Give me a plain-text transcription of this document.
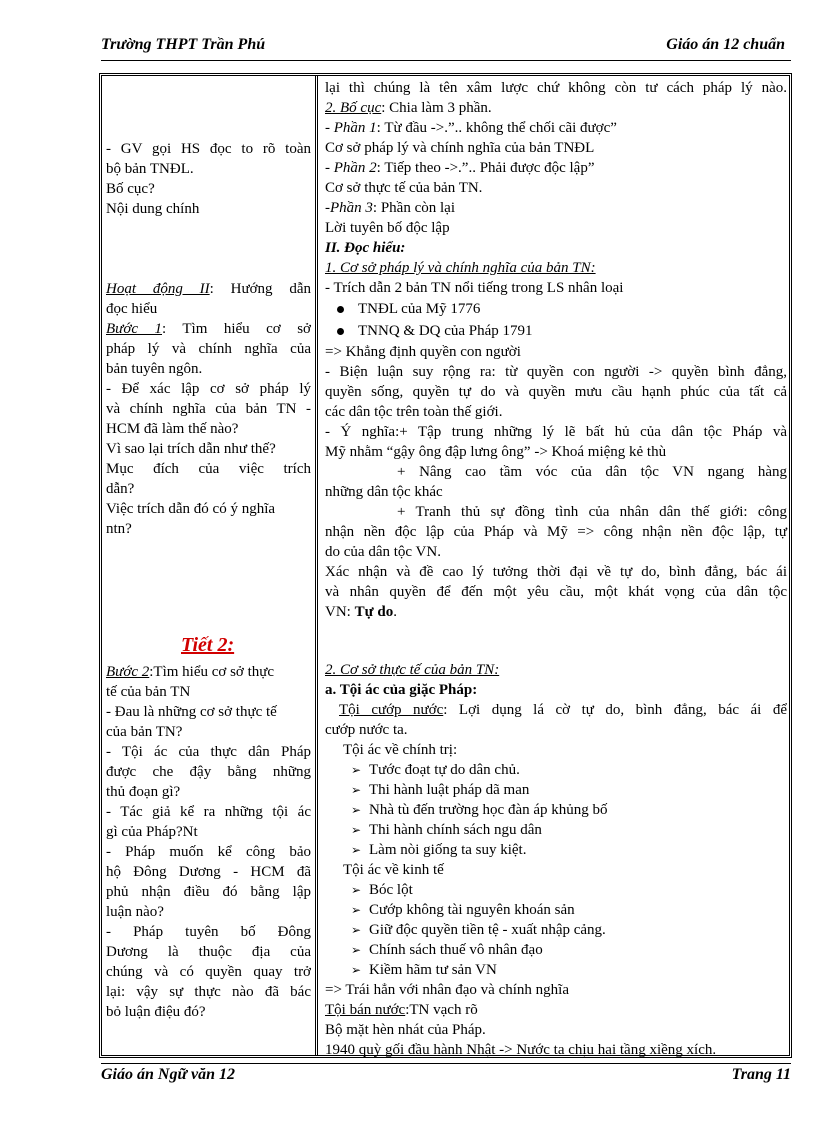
Trường THPT Trần Phú	Giáo án 12 chuẩn
- GV gọi HS đọc to rõ toàn
bộ bản TNĐL.
Bố cục?
Nội dung chính
Hoạt động II: Hướng dẫn
đọc hiểu
Bước 1: Tìm hiểu cơ sở
pháp lý và chính nghĩa của
bản tuyên ngôn.
- Để xác lập cơ sở pháp lý
và chính nghĩa của bản TN -
HCM đã làm thế nào?
Vì sao lại trích dẫn như thế?
Mục đích của việc trích
dẫn?
Việc trích dẫn đó có ý nghĩa
ntn?
Tiết 2:
Bước 2:Tìm hiểu cơ sở thực
tế của bản TN
- Đau là những cơ sở thực tế
của bản TN?
- Tội ác của thực dân Pháp
được che đậy bằng những
thủ đoạn gì?
- Tác giả kể ra những tội ác
gì của Pháp?Nt
- Pháp muốn kể công bảo
hộ Đông Dương - HCM đã
phủ nhận điều đó bằng lập
luận nào?
- Pháp tuyên bố Đông
Dương là thuộc địa của
chúng và có quyền quay trở
lại: vậy sự thực nào đã bác
bỏ luận điệu đó?
lại thì chúng là tên xâm lược chứ không còn tư cách pháp lý nào.
2. Bố cục: Chia làm 3 phần.
- Phần 1: Từ đầu ->.”.. không thể chối cãi được”
Cơ sở pháp lý và chính nghĩa của bản TNĐL
- Phần 2: Tiếp theo ->.”.. Phải được độc lập”
Cơ sở thực tế của bản TN.
-Phần 3: Phần còn lại
Lời tuyên bố độc lập
II. Đọc hiểu:
1. Cơ sở pháp lý và chính nghĩa của bản TN:
- Trích dẫn 2 bản TN nổi tiếng trong LS nhân loại
TNĐL của Mỹ 1776
TNNQ & DQ của Pháp 1791
=> Khẳng định quyền con người
- Biện luận suy rộng ra: từ quyền con người -> quyền bình đẳng,
quyền sống, quyền tự do và quyền mưu cầu hạnh phúc của tất cả
các dân tộc trên toàn thế giới.
- Ý nghĩa:+ Tập trung những lý lẽ bất hủ của dân tộc Pháp và
Mỹ nhằm “gậy ông đập lưng ông” -> Khoá miệng kẻ thù
+ Nâng cao tầm vóc của dân tộc VN ngang hàng
những dân tộc khác
+ Tranh thủ sự đồng tình của nhân dân thế giới: công
nhận nền độc lập của Pháp và Mỹ => công nhận nền độc lập, tự
do của dân tộc VN.
Xác nhận và đề cao lý tưởng thời đại về tự do, bình đẳng, bác ái
và nhân quyền để đến một yêu cầu, một khát vọng của dân tộc
VN: Tự do.
2. Cơ sở thực tế của bản TN:
a. Tội ác của giặc Pháp:
Tội cướp nước: Lợi dụng lá cờ tự do, bình đẳng, bác ái để
cướp nước ta.
Tội ác về chính trị:
➢ Tước đoạt tự do dân chủ.
➢ Thi hành luật pháp dã man
➢ Nhà tù đến trường học đàn áp khủng bố
➢ Thi hành chính sách ngu dân
➢ Làm nòi giống ta suy kiệt.
Tội ác về kinh tế
➢ Bóc lột
➢ Cướp không tài nguyên khoán sản
➢ Giữ độc quyền tiền tệ - xuất nhập cảng.
➢ Chính sách thuế vô nhân đạo
➢ Kiềm hãm tư sản VN
=> Trái hẳn với nhân đạo và chính nghĩa
Tội bán nước:TN vạch rõ
Bộ mặt hèn nhát của Pháp.
1940 quỳ gối đầu hành Nhật -> Nước ta chịu hai tầng xiềng xích.
Giáo án Ngữ văn 12	Trang 11
